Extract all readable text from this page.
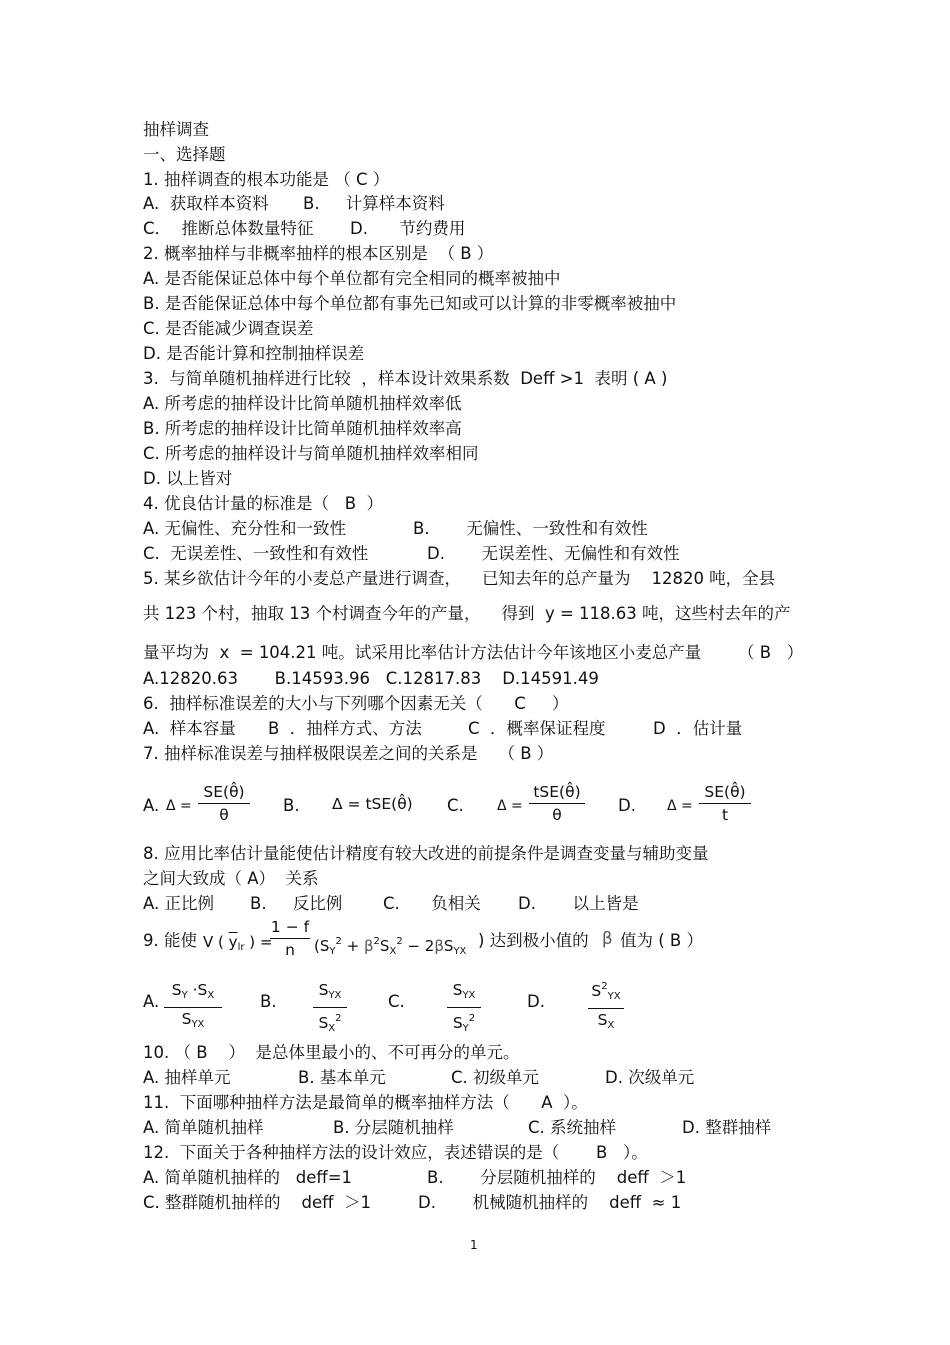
抽样调查
一、选择题
1. 抽样调查的根本功能是 （ C ）
A.  获取样本资料 B.     计算样本资料
C．  推断总体数量特征 D.      节约费用
2. 概率抽样与非概率抽样的根本区别是  （ B ）
A. 是否能保证总体中每个单位都有完全相同的概率被抽中
B. 是否能保证总体中每个单位都有事先已知或可以计算的非零概率被抽中
C. 是否能减少调查误差
D. 是否能计算和控制抽样误差
3.  与简单随机抽样进行比较  ，样本设计效果系数  Deff >1  表明 ( A )
A. 所考虑的抽样设计比简单随机抽样效率低
B. 所考虑的抽样设计比简单随机抽样效率高
C. 所考虑的抽样设计与简单随机抽样效率相同
D. 以上皆对
4. 优良估计量的标准是（   B  ）
A. 无偏性、充分性和一致性	B.       无偏性、一致性和有效性
C.  无误差性、一致性和有效性	D.       无误差性、无偏性和有效性
5. 某乡欲估计今年的小麦总产量进行调查，    已知去年的总产量为    12820 吨，全县
共 123 个村，抽取 13 个村调查今年的产量，    得到  y = 118.63 吨，这些村去年的产
量平均为  x  = 104.21 吨。试采用比率估计方法估计今年该地区小麦总产量       （ B   ）
A.12820.63       B.14593.96   C.12817.83    D.14591.49
6.  抽样标准误差的大小与下列哪个因素无关（      C     ）
A.  样本容量 B  ．抽样方式、方法	C  ．概率保证程度	D  ．估计量
7. 抽样标准误差与抽样极限误差之间的关系是    （ B ）
A. Δ =
SE(θ̂)
θ	B. Δ = tSE(θ̂) C. Δ =
tSE(θ̂)
θ	D. Δ =
SE(θ̂)
t
8. 应用比率估计量能使估计精度有较大改进的前提条件是调查变量与辅助变量
之间大致成（ A）  关系
A. 正比例 B.     反比例 C.      负相关 D.       以上皆是
9. 能使 V ( $\overline{y}_{lr}$ ) =
1 − f
n	($S_Y^2 + \beta^2S_X^2 - 2\beta S_{YX}$
) 达到极小值的 β 值为 ( B ）
A.
$S_Y \cdot S_X$
$S_{YX}$
B.
$S_{YX}$
$S_X^2$
C.
$S_{YX}$
$S_Y^2$
D.
$S^2_{YX}$
$S_X$
10. （ B    ）  是总体里最小的、不可再分的单元。
A. 抽样单元	B. 基本单元	C. 初级单元	D. 次级单元
11.  下面哪种抽样方法是最简单的概率抽样方法（      A  ）。
A. 简单随机抽样	B. 分层随机抽样	C. 系统抽样	D. 整群抽样
12.  下面关于各种抽样方法的设计效应，表述错误的是（       B   ）。
A. 简单随机抽样的   deff=1	B.       分层随机抽样的    deff  ＞1
C. 整群随机抽样的    deff  ＞1	D.       机械随机抽样的    deff  ≈ 1
1
